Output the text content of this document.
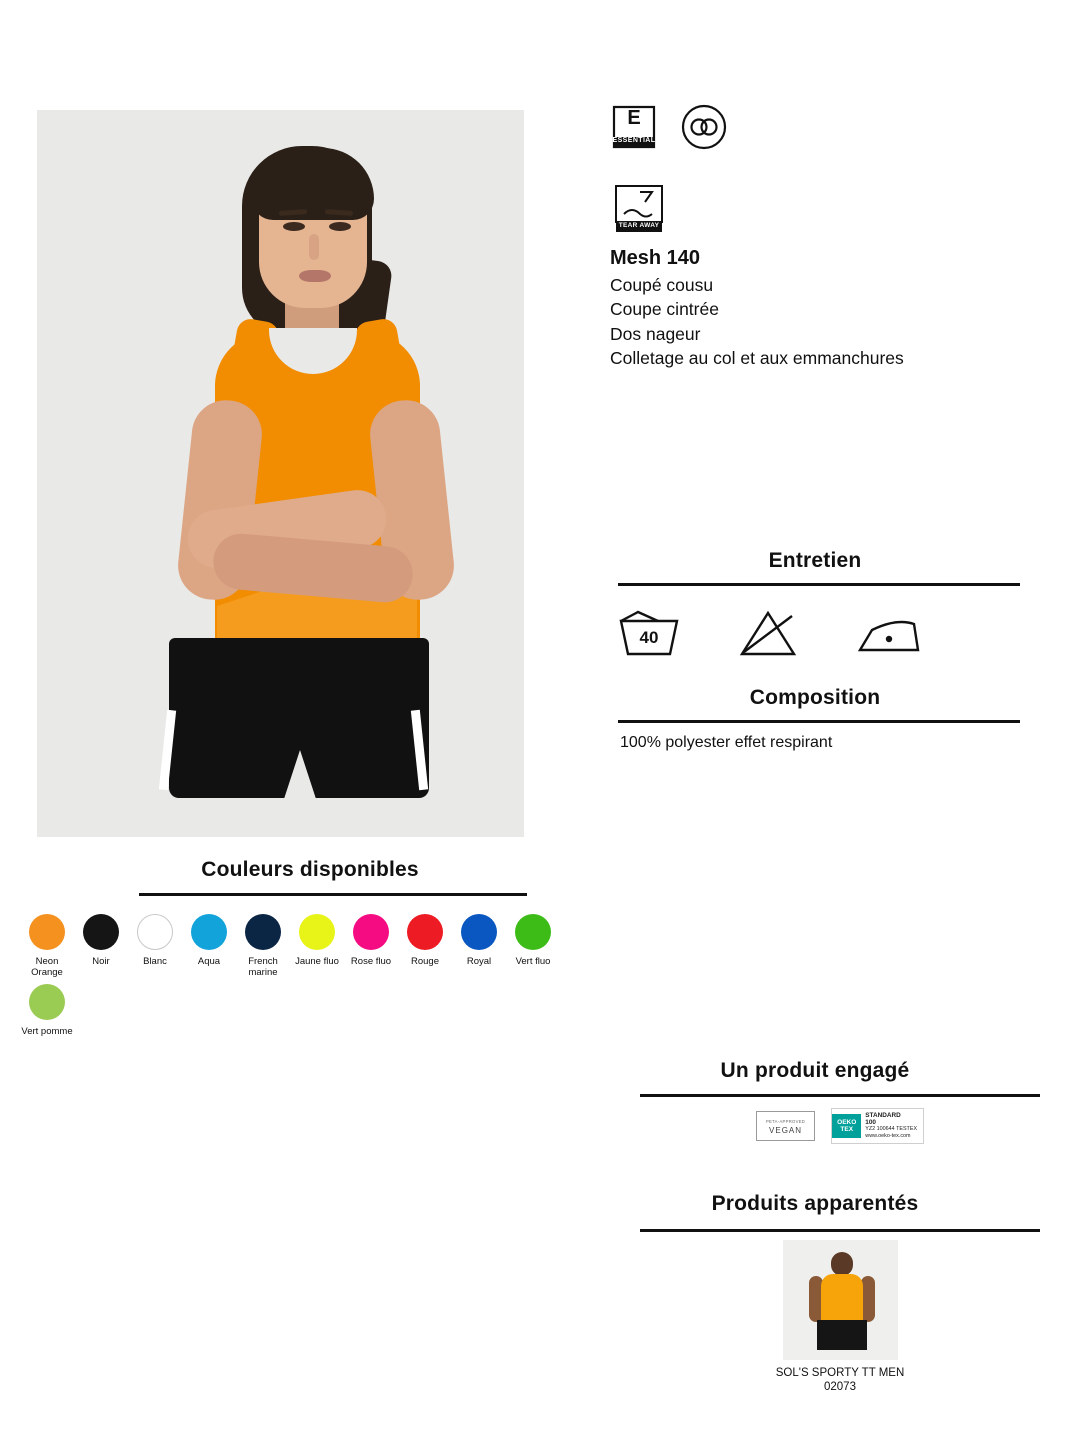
E
ESSENTIAL
TEAR AWAY
Mesh 140
Coupé cousu
Coupe cintrée
Dos nageur
Colletage au col et aux emmanchures
Entretien
40
Composition
100% polyester effet respirant
Couleurs disponibles
Neon Orange
Noir	Blanc	Aqua	French marine
Jaune fluo	Rose fluo	Rouge	Royal	Vert fluo
Vert pomme
Un produit engagé
PETA-APPROVED
VEGAN
OEKO
TEX
STANDARD
100
YZ2 100644 TESTEX
www.oeko-tex.com
Produits apparentés
SOL'S SPORTY TT MEN
02073
